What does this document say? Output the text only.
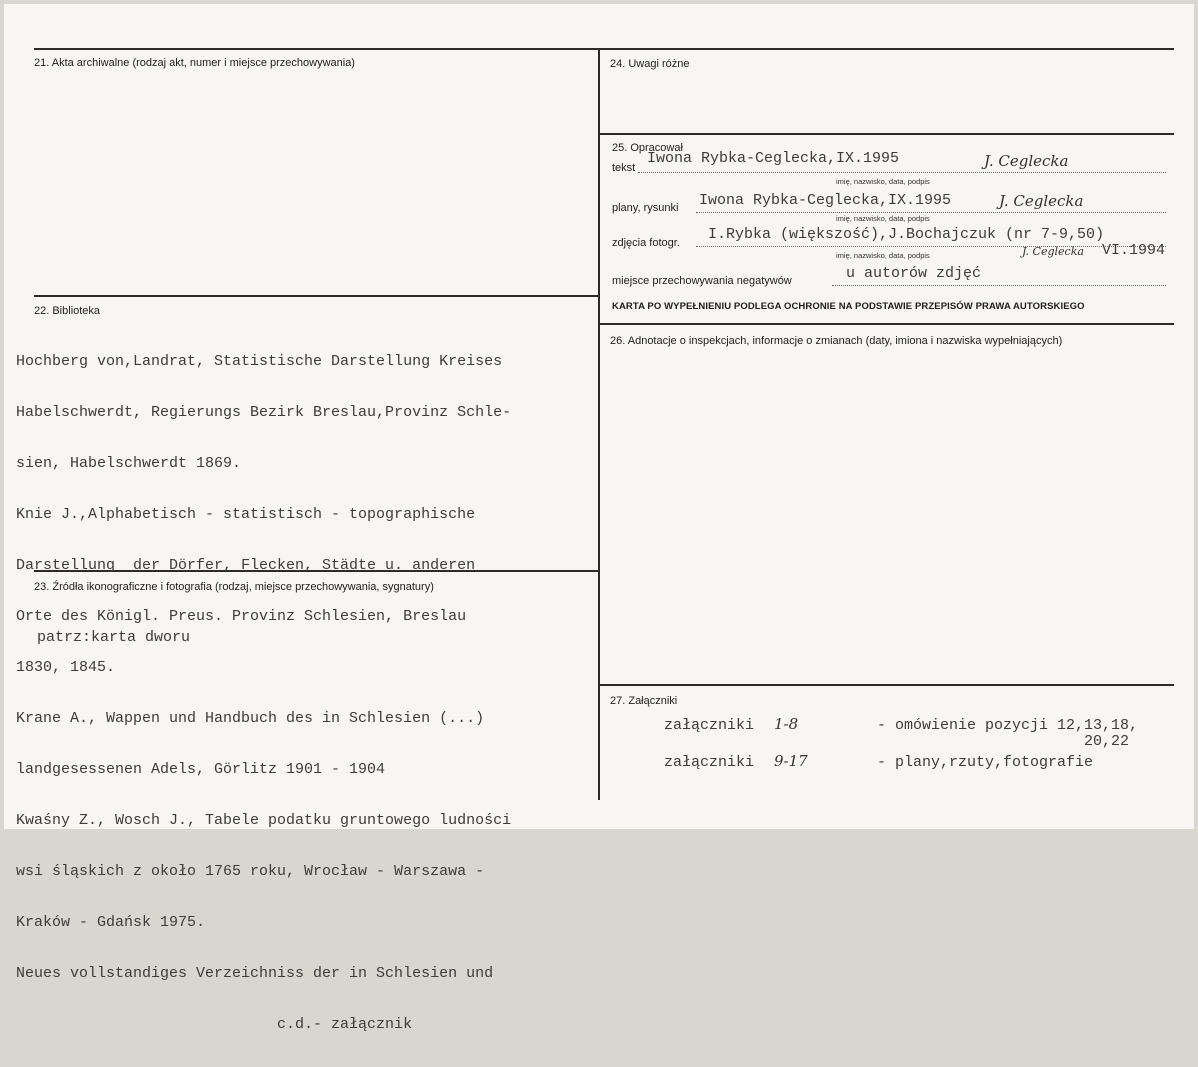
21. Akta archiwalne (rodzaj akt, numer i miejsce przechowywania)
22. Biblioteka

Hochberg von,Landrat, Statistische Darstellung Kreises

Habelschwerdt, Regierungs Bezirk Breslau,Provinz Schle-

sien, Habelschwerdt 1869.

Knie J.,Alphabetisch - statistisch - topographische

Darstellung  der Dörfer, Flecken, Städte u. anderen

Orte des Königl. Preus. Provinz Schlesien, Breslau

1830, 1845.

Krane A., Wappen und Handbuch des in Schlesien (...)

landgesessenen Adels, Görlitz 1901 - 1904

Kwaśny Z., Wosch J., Tabele podatku gruntowego ludności

wsi śląskich z około 1765 roku, Wrocław - Warszawa -

Kraków - Gdańsk 1975.

Neues vollstandiges Verzeichniss der in Schlesien und

c.d.- załącznik

23. Źródła ikonograficzne i fotografia (rodzaj, miejsce przechowywania, sygnatury)
patrz:karta dworu
24. Uwagi różne
25. Opracował
tekst
Iwona Rybka-Ceglecka,IX.1995	J. Ceglecka
imię, nazwisko, data, podpis
plany, rysunki Iwona Rybka-Ceglecka,IX.1995	J. Ceglecka
imię, nazwisko, data, podpis
zdjęcia fotogr. I.Rybka (większość),J.Bochajczuk (nr 7-9,50)
imię, nazwisko, data, podpis	J. Ceglecka VI.1994
miejsce przechowywania negatywów	u autorów zdjęć
KARTA PO WYPEŁNIENIU PODLEGA OCHRONIE NA PODSTAWIE PRZEPISÓW PRAWA AUTORSKIEGO
26. Adnotacje o inspekcjach, informacje o zmianach (daty, imiona i nazwiska wypełniających)
27. Załączniki
załączniki 1-8	- omówienie pozycji 12,13,18,
20,22
załączniki 9-17	- plany,rzuty,fotografie
